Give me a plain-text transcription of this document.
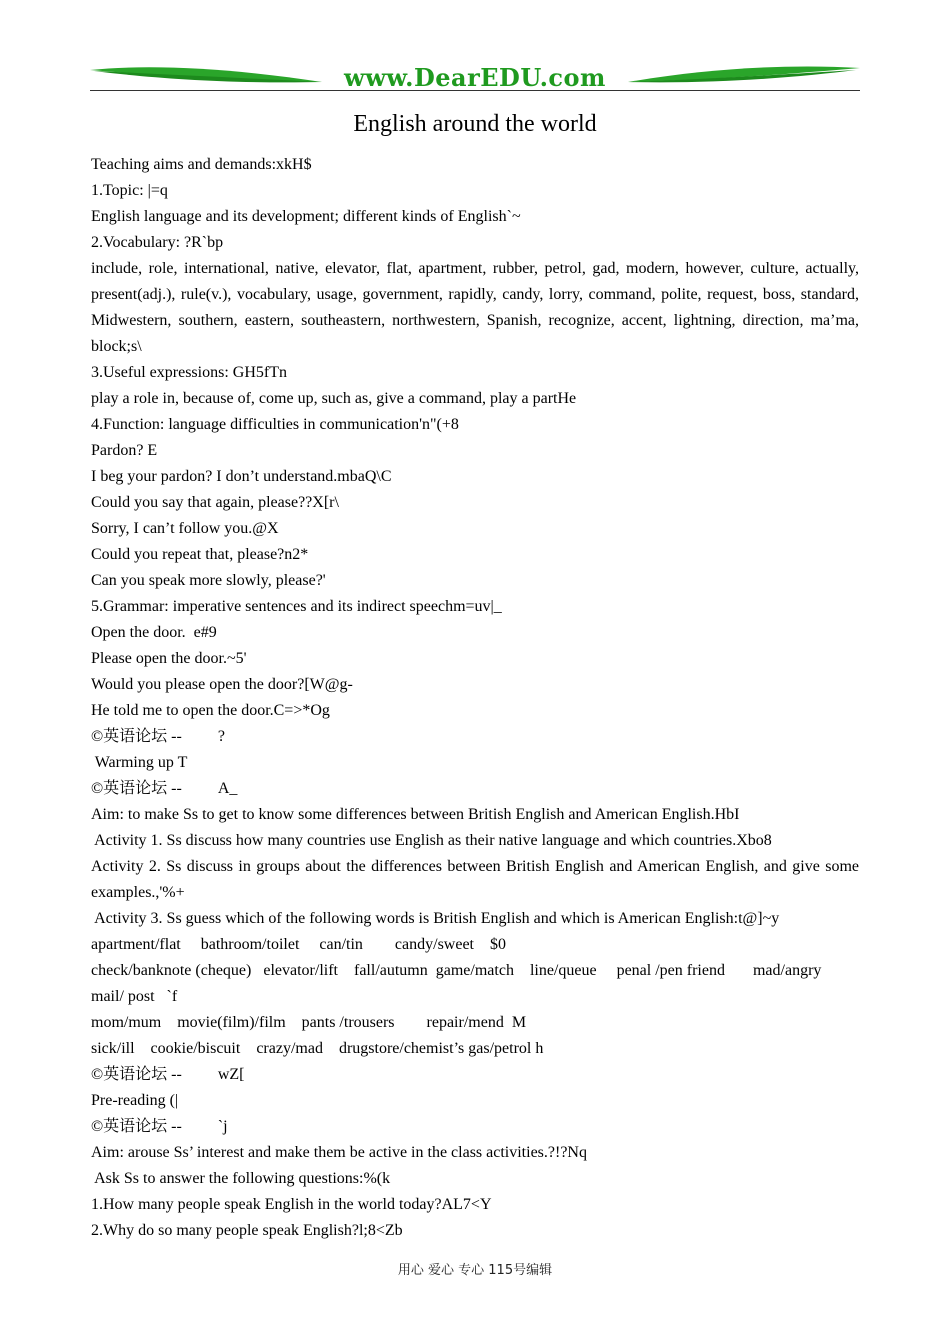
www.DearEDU.com
English around the world
Teaching aims and demands:xkH$
1.Topic: |=q
English language and its development; different kinds of English`~
2.Vocabulary: ?R`bp
include, role, international, native, elevator, flat, apartment, rubber, petrol, gad, modern, however, culture, actually, present(adj.), rule(v.), vocabulary, usage, government, rapidly, candy, lorry, command, polite, request, boss, standard, Midwestern, southern, eastern, southeastern, northwestern, Spanish, recognize, accent, lightning, direction, ma’ma, block;s\
3.Useful expressions: GH5fTn
play a role in, because of, come up, such as, give a command, play a partHe
4.Function: language difficulties in communication'n"(+8
Pardon? E
I beg your pardon? I don’t understand.mbaQ\C
Could you say that again, please??X[r\
Sorry, I can’t follow you.@X
Could you repeat that, please?n2*
Can you speak more slowly, please?'
5.Grammar: imperative sentences and its indirect speechm=uv|_
Open the door.  e#9
Please open the door.~5'
Would you please open the door?[W@g-
He told me to open the door.C=>*Og
©英语论坛 --         ?
Warming up T
©英语论坛 --         A_
Aim: to make Ss to get to know some differences between British English and American English.HbI
Activity 1. Ss discuss how many countries use English as their native language and which countries.Xbo8
Activity 2. Ss discuss in groups about the differences between British English and American English, and give some examples.,'%+
Activity 3. Ss guess which of the following words is British English and which is American English:t@]~y
apartment/flat     bathroom/toilet     can/tin        candy/sweet    $0
check/banknote (cheque)   elevator/lift    fall/autumn  game/match    line/queue     penal /pen friend       mad/angry
mail/ post   `f
mom/mum    movie(film)/film    pants /trousers        repair/mend  M
sick/ill    cookie/biscuit    crazy/mad    drugstore/chemist’s gas/petrol h
©英语论坛 --         wZ[
Pre-reading (|
©英语论坛 --         `j
Aim: arouse Ss’ interest and make them be active in the class activities.?!?Nq
Ask Ss to answer the following questions:%(k
1.How many people speak English in the world today?AL7<Y
2.Why do so many people speak English?l;8<Zb
用心 爱心 专心 115号编辑
